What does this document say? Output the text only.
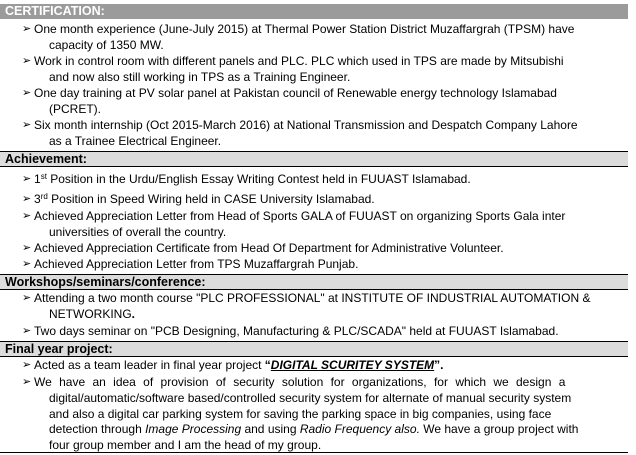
CERTIFICATION:
➢ One month experience (June-July 2015) at Thermal Power Station District Muzaffargrah (TPSM) have
capacity of 1350 MW.
➢ Work in control room with different panels and PLC. PLC which used in TPS are made by Mitsubishi
and now also still working in TPS as a Training Engineer.
➢ One day training at PV solar panel at Pakistan council of Renewable energy technology Islamabad
(PCRET).
➢ Six month internship (Oct 2015-March 2016) at National Transmission and Despatch Company Lahore
as a Trainee Electrical Engineer.
Achievement:
➢ 1st Position in the Urdu/English Essay Writing Contest held in FUUAST Islamabad.
➢ 3rd Position in Speed Wiring held in CASE University Islamabad.
➢ Achieved Appreciation Letter from Head of Sports GALA of FUUAST on organizing Sports Gala inter
universities of overall the country.
➢ Achieved Appreciation Certificate from Head Of Department for Administrative Volunteer.
➢ Achieved Appreciation Letter from TPS Muzaffargrah Punjab.
Workshops/seminars/conference:
➢ Attending a two month course "PLC PROFESSIONAL" at INSTITUTE OF INDUSTRIAL AUTOMATION &
NETWORKING.
➢ Two days seminar on "PCB Designing, Manufacturing & PLC/SCADA" held at FUUAST Islamabad.
Final year project:
➢ Acted as a team leader in final year project “DIGITAL SCURITEY SYSTEM”.
➢ We have an idea of provision of security solution for organizations, for which we design a
digital/automatic/software based/controlled security system for alternate of manual security system
and also a digital car parking system for saving the parking space in big companies, using face
detection through Image Processing and using Radio Frequency also. We have a group project with
four group member and I am the head of my group.
